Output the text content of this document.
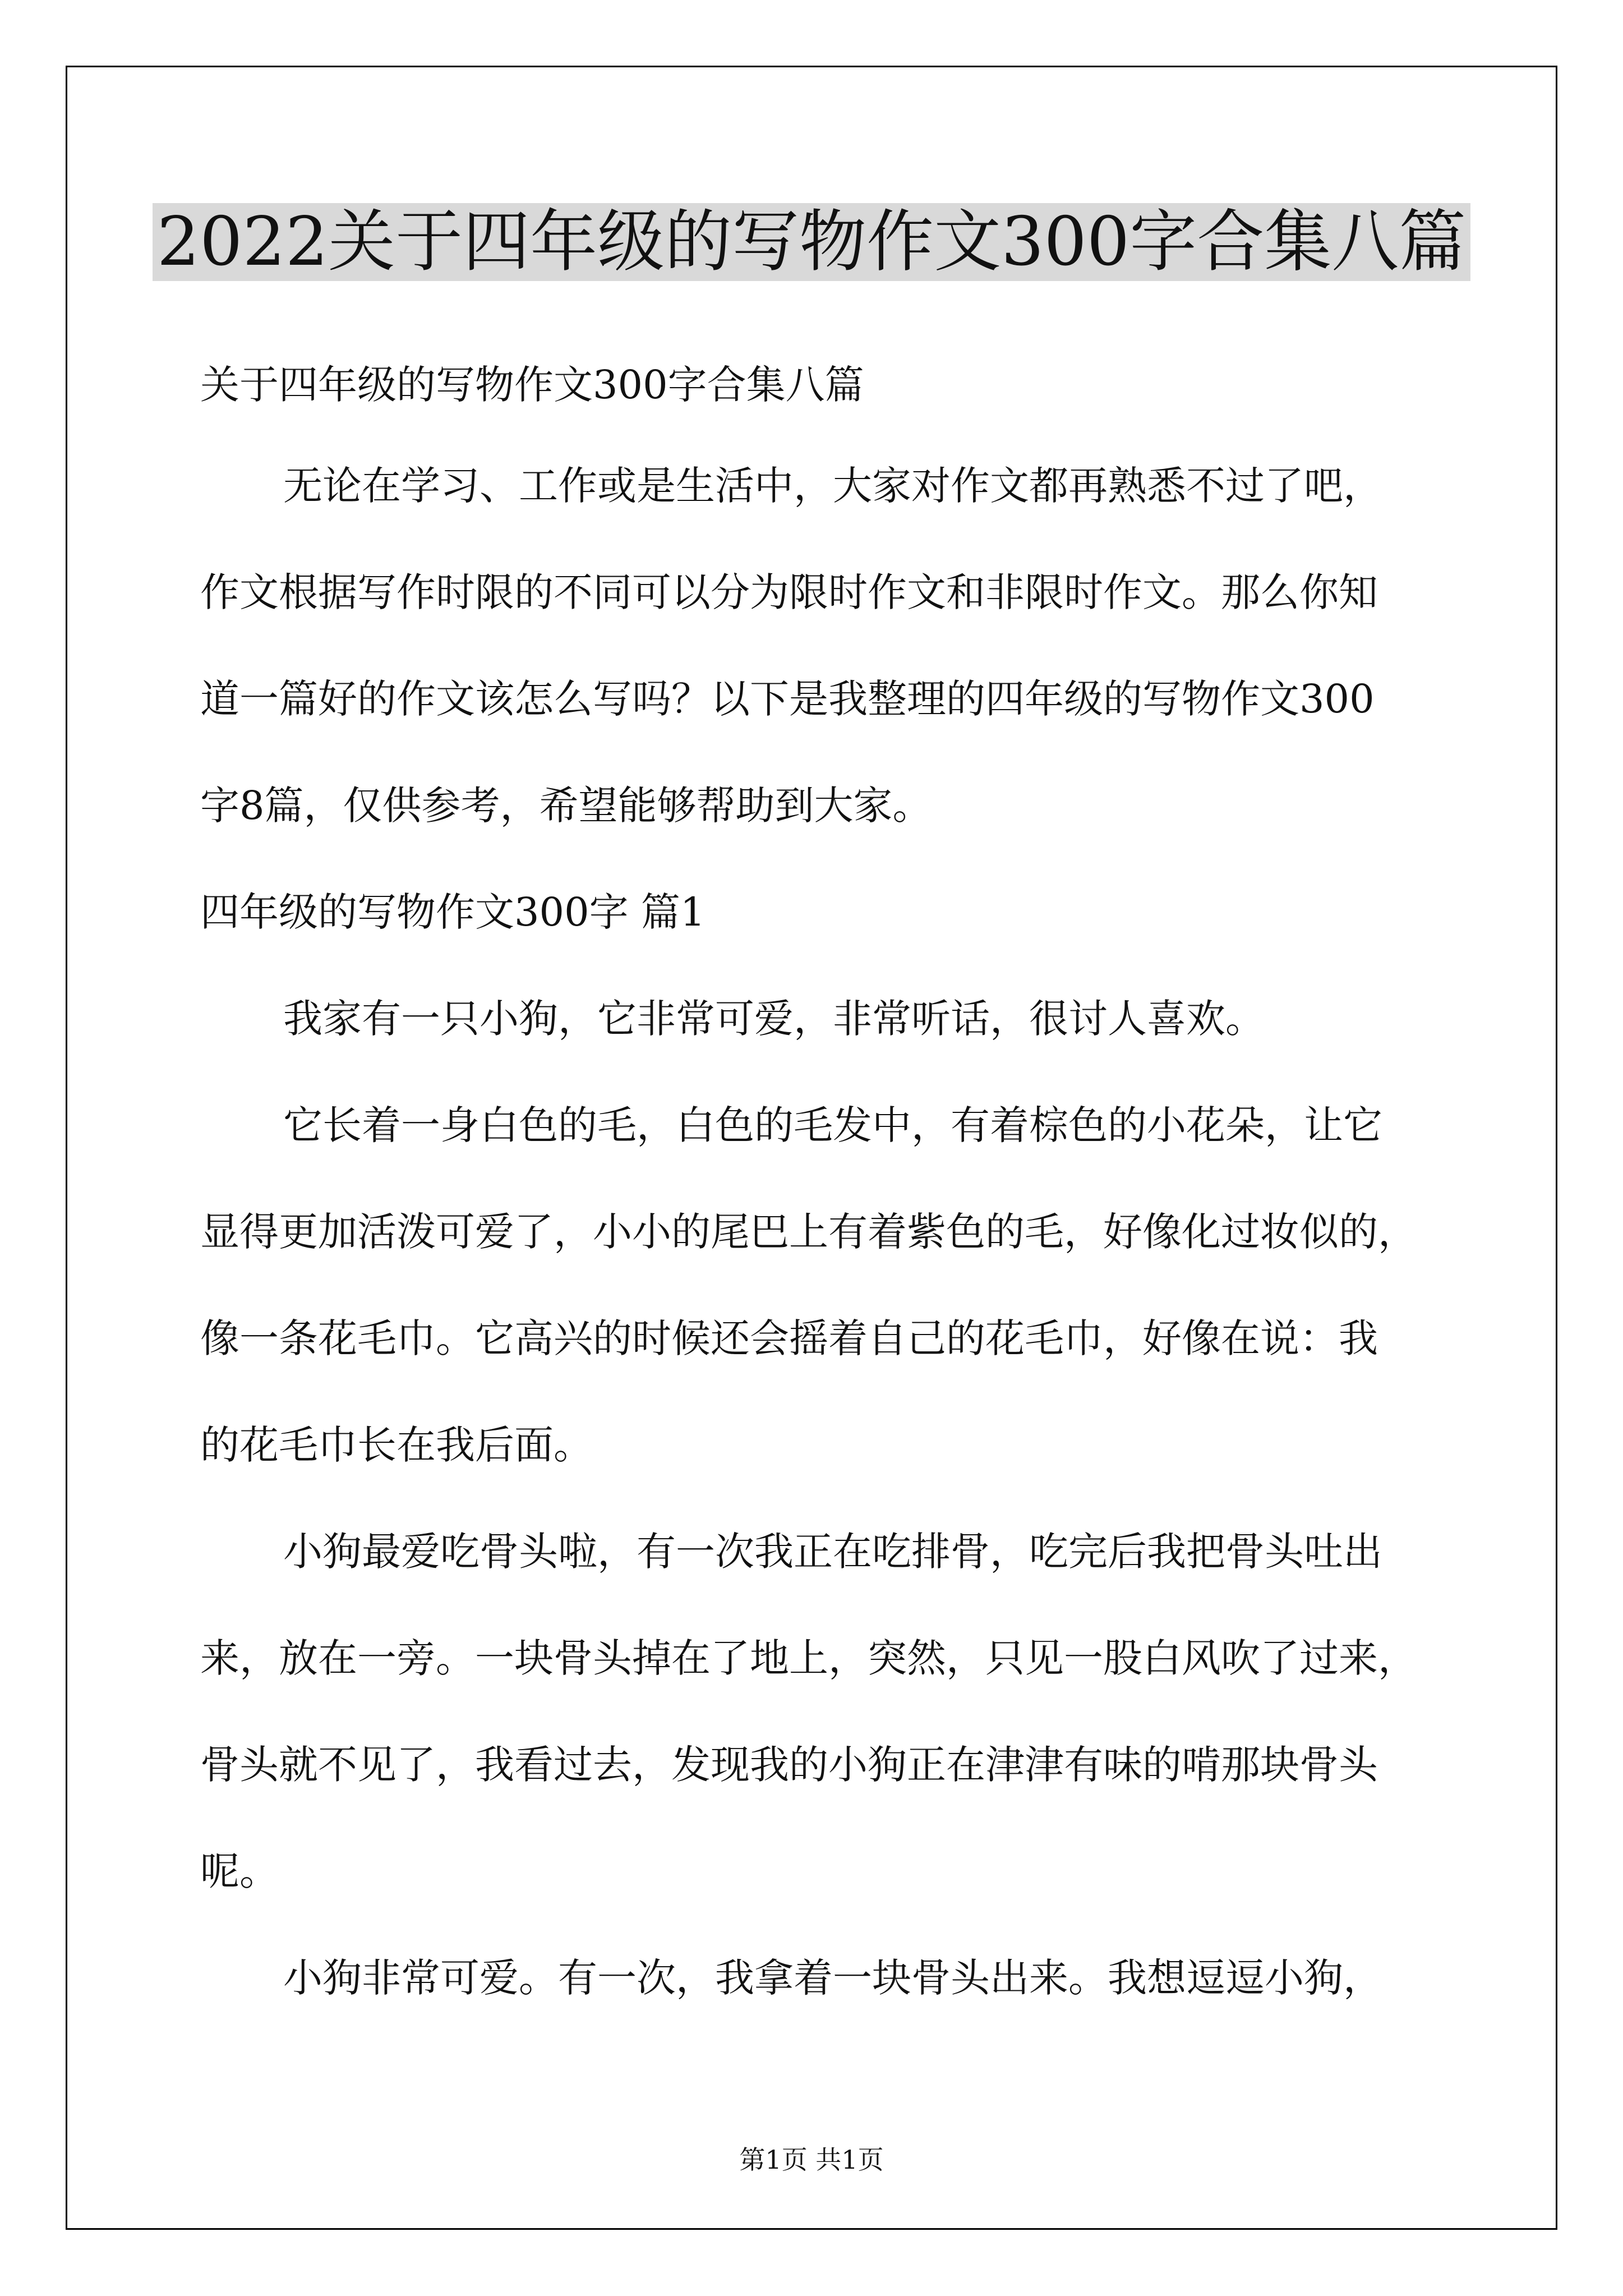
2022关于四年级的写物作文300字合集八篇
关于四年级的写物作文300字合集八篇
无论在学习、工作或是生活中，大家对作文都再熟悉不过了吧，
作文根据写作时限的不同可以分为限时作文和非限时作文。那么你知
道一篇好的作文该怎么写吗？以下是我整理的四年级的写物作文300
字8篇，仅供参考，希望能够帮助到大家。
四年级的写物作文300字 篇1
我家有一只小狗，它非常可爱，非常听话，很讨人喜欢。
它长着一身白色的毛，白色的毛发中，有着棕色的小花朵，让它
显得更加活泼可爱了，小小的尾巴上有着紫色的毛，好像化过妆似的，
像一条花毛巾。它高兴的时候还会摇着自己的花毛巾，好像在说：我
的花毛巾长在我后面。
小狗最爱吃骨头啦，有一次我正在吃排骨，吃完后我把骨头吐出
来，放在一旁。一块骨头掉在了地上，突然，只见一股白风吹了过来，
骨头就不见了，我看过去，发现我的小狗正在津津有味的啃那块骨头
呢。
小狗非常可爱。有一次，我拿着一块骨头出来。我想逗逗小狗，
第1页 共1页
